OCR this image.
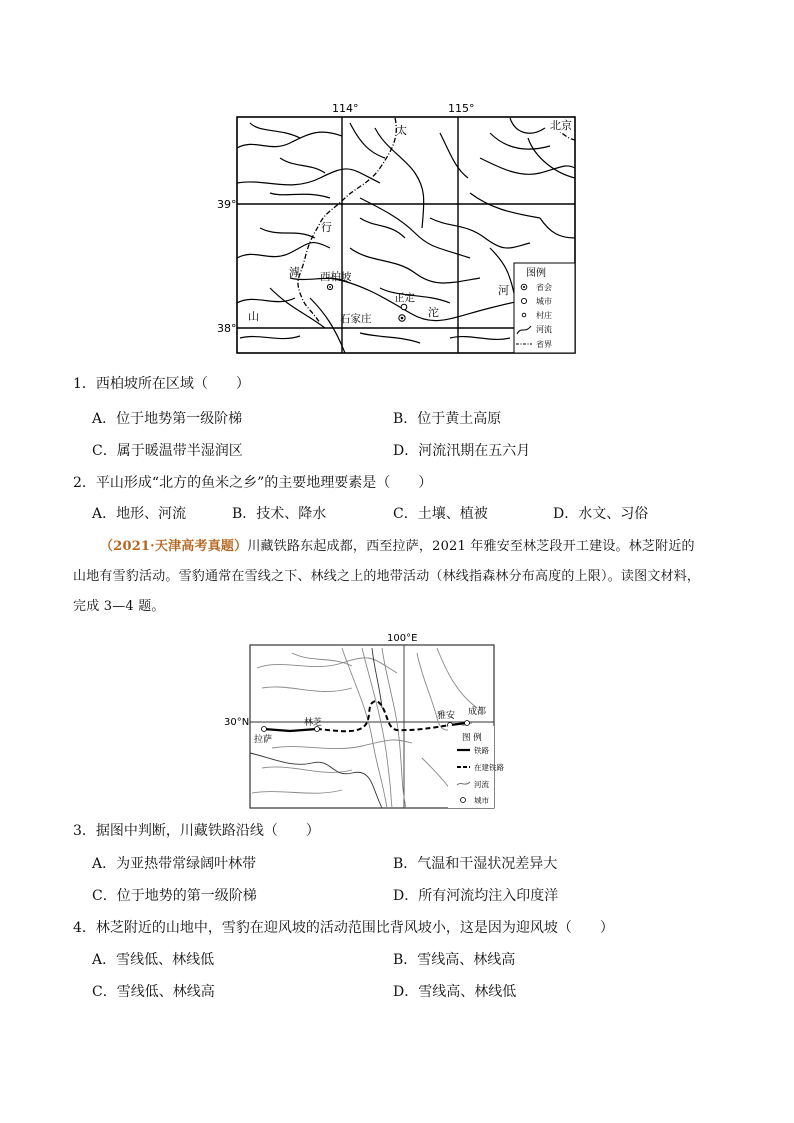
114°	115°
39°
38°
北京
太
行
山
滹
沱
河
西柏坡
正定
石家庄
图例
省会
城市
村庄
河流
省界
1．西柏坡所在区域（　　）
A．位于地势第一级阶梯	B．位于黄土高原
C．属于暖温带半湿润区	D．河流汛期在五六月
2．平山形成“北方的鱼米之乡”的主要地理要素是（　　）
A．地形、河流	B．技术、降水	C．土壤、植被	D．水文、习俗
（2021·天津高考真题）川藏铁路东起成都，西至拉萨，2021 年雅安至林芝段开工建设。林芝附近的
山地有雪豹活动。雪豹通常在雪线之下、林线之上的地带活动（林线指森林分布高度的上限）。读图文材料，
完成 3—4 题。
100°E
30°N
拉萨
林芝
雅安 成都
图 例
铁路
在建铁路
河流
城市
3．据图中判断，川藏铁路沿线（　　）
A．为亚热带常绿阔叶林带	B．气温和干湿状况差异大
C．位于地势的第一级阶梯	D．所有河流均注入印度洋
4．林芝附近的山地中，雪豹在迎风坡的活动范围比背风坡小，这是因为迎风坡（　　）
A．雪线低、林线低	B．雪线高、林线高
C．雪线低、林线高	D．雪线高、林线低
